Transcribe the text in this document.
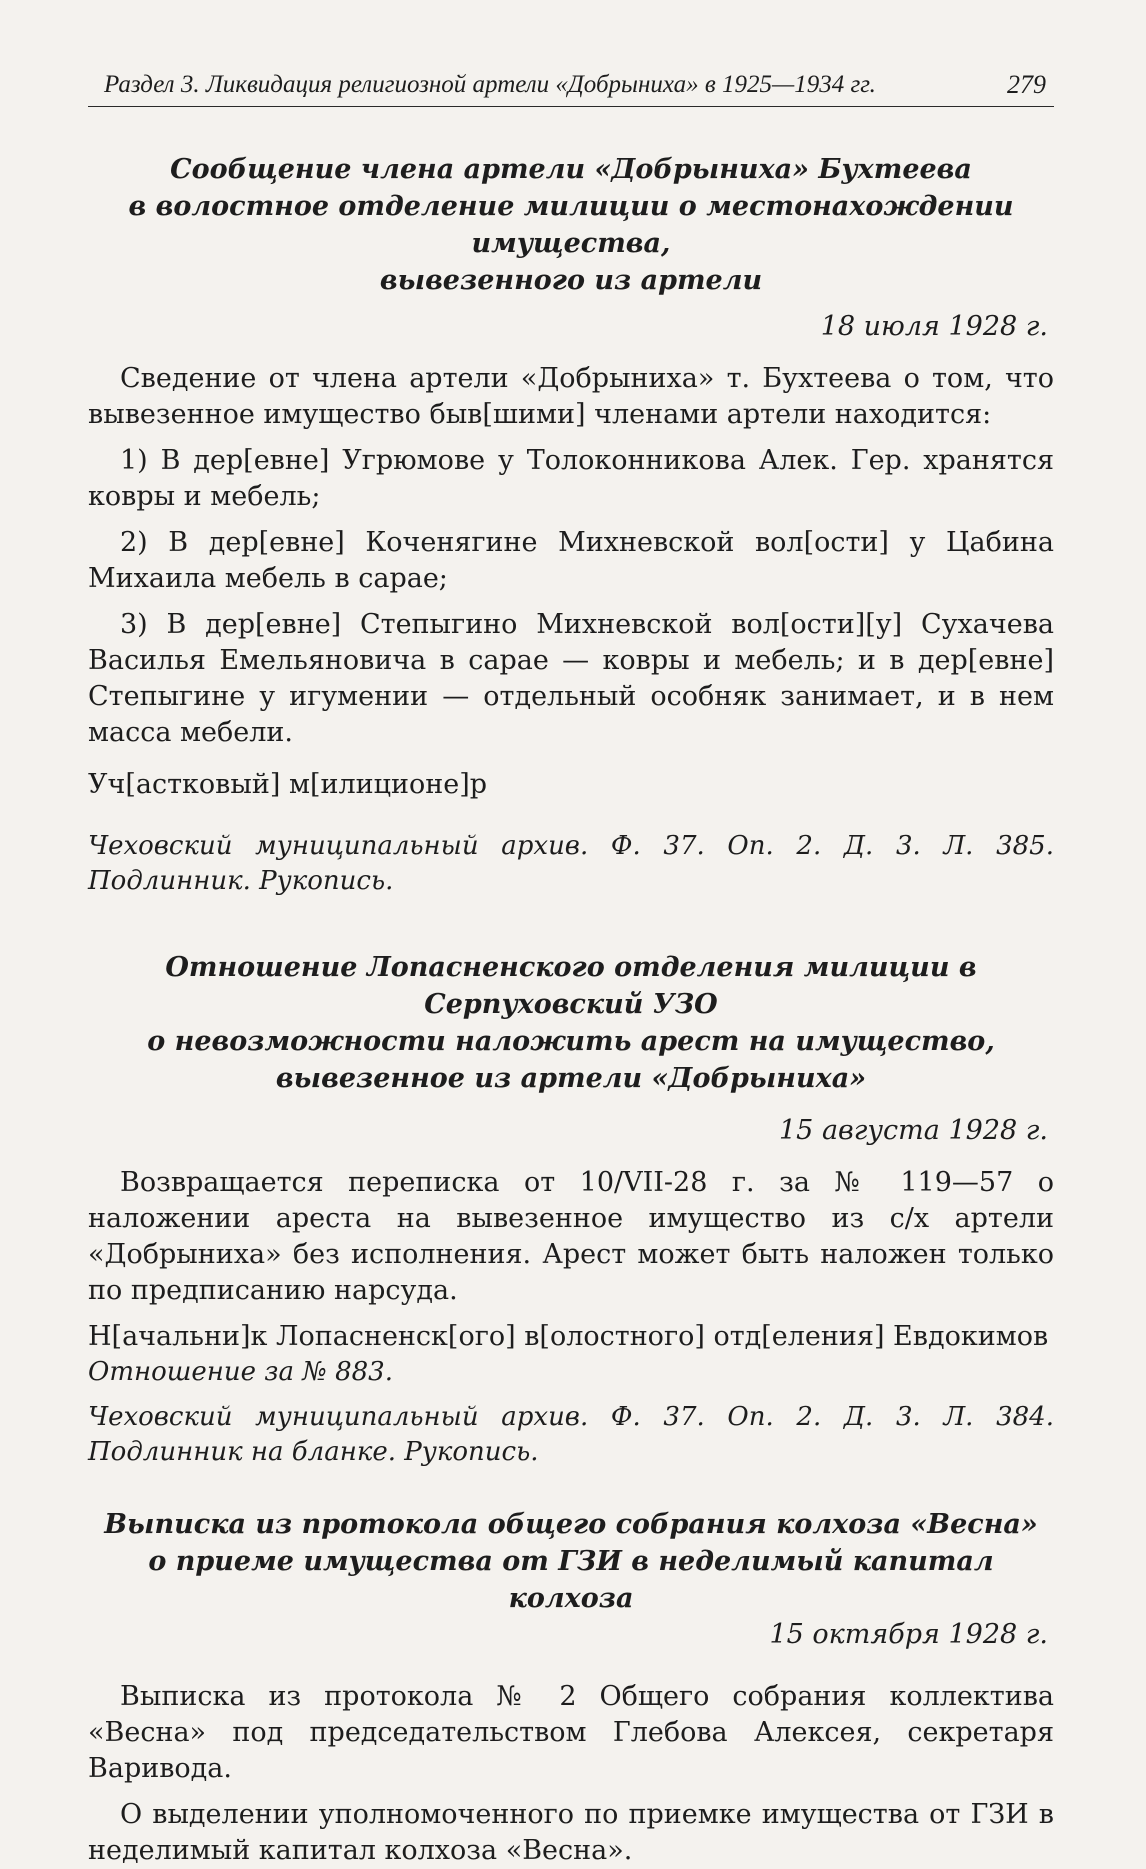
Раздел 3. Ликвидация религиозной артели «Добрыниха» в 1925—1934 гг.	279

Сообщение члена артели «Добрыниха» Бухтеева
в волостное отделение милиции о местонахождении имущества,
вывезенного из артели

18 июля 1928 г.

Сведение от члена артели «Добрыниха» т. Бухтеева о том, что вывезенное имущество быв[шими] членами артели находится:

1) В дер[евне] Угрюмове у Толоконникова Алек. Гер. хранятся ковры и мебель;

2) В дер[евне] Коченягине Михневской вол[ости] у Цабина Михаила мебель в сарае;

3) В дер[евне] Степыгино Михневской вол[ости][у] Сухачева Василья Емельяновича в сарае — ковры и мебель; и в дер[евне] Степыгине у игумении — отдельный особняк занимает, и в нем масса мебели.

Уч[астковый] м[илиционе]р

Чеховский муниципальный архив. Ф. 37. Оп. 2. Д. 3. Л. 385. Подлинник. Рукопись.

Отношение Лопасненского отделения милиции в Серпуховский УЗО
о невозможности наложить арест на имущество,
вывезенное из артели «Добрыниха»

15 августа 1928 г.

Возвращается переписка от 10/VII-28 г. за № 119—57 о наложении ареста на вывезенное имущество из с/х артели «Добрыниха» без исполнения. Арест может быть наложен только по предписанию нарсуда.

Н[ачальни]к Лопасненск[ого] в[олостного] отд[еления] Евдокимов

Отношение за № 883.

Чеховский муниципальный архив. Ф. 37. Оп. 2. Д. 3. Л. 384. Подлинник на бланке. Рукопись.

Выписка из протокола общего собрания колхоза «Весна»
о приеме имущества от ГЗИ в неделимый капитал колхоза

15 октября 1928 г.

Выписка из протокола № 2 Общего собрания коллектива «Весна» под председательством Глебова Алексея, секретаря Варивода.

О выделении уполномоченного по приемке имущества от ГЗИ в неделимый капитал колхоза «Весна».
